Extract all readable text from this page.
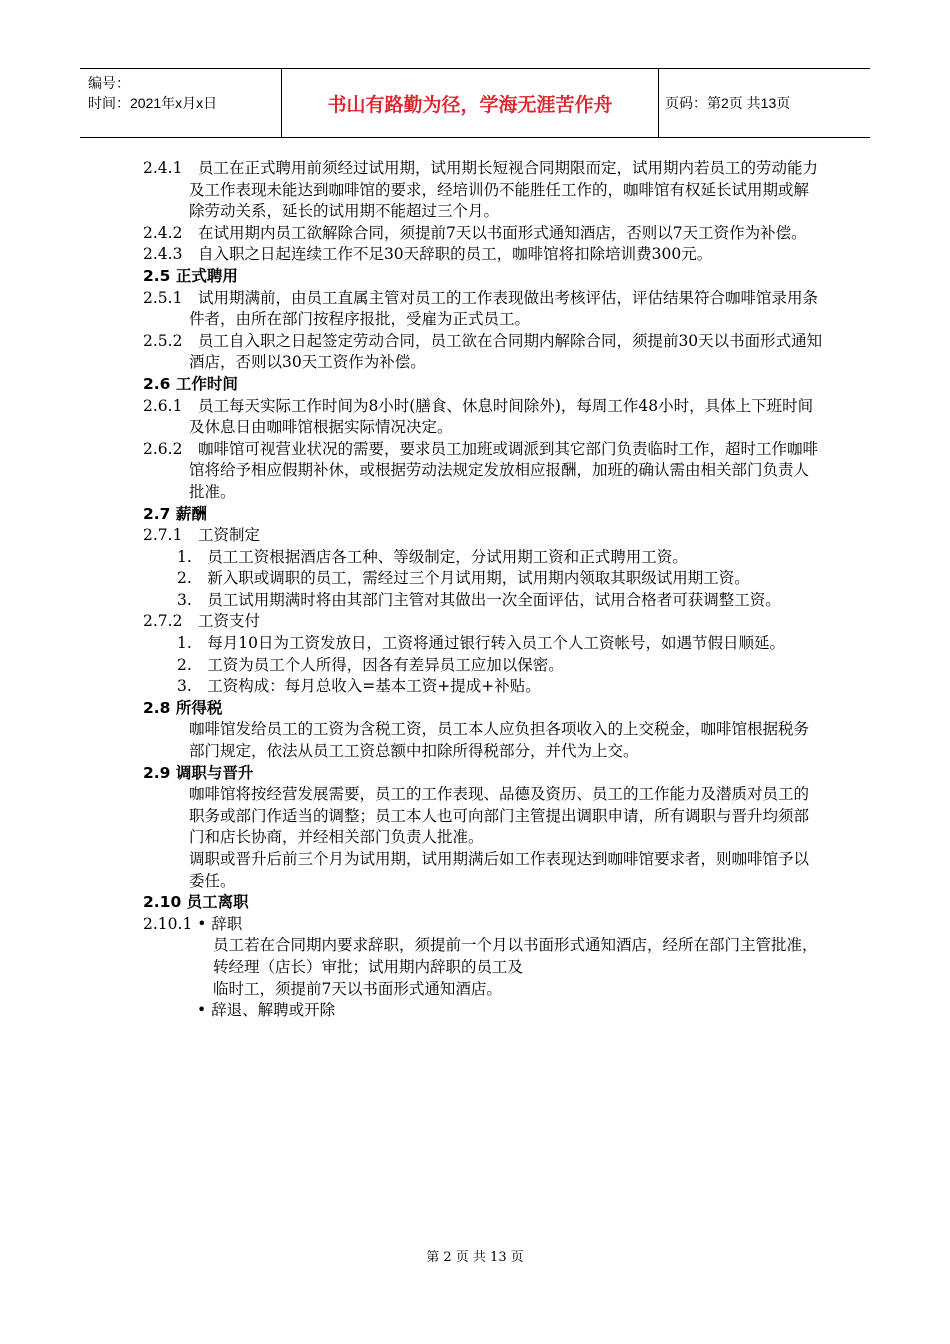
编号：
时间：2021年x月x日	书山有路勤为径，学海无涯苦作舟	页码：第2页 共13页

2.4.1　员工在正式聘用前须经过试用期，试用期长短视合同期限而定，试用期内若员工的劳动能力及工作表现未能达到咖啡馆的要求，经培训仍不能胜任工作的，咖啡馆有权延长试用期或解除劳动关系，延长的试用期不能超过三个月。

2.4.2　在试用期内员工欲解除合同，须提前7天以书面形式通知酒店，否则以7天工资作为补偿。

2.4.3　自入职之日起连续工作不足30天辞职的员工，咖啡馆将扣除培训费300元。

2.5 正式聘用

2.5.1　试用期满前，由员工直属主管对员工的工作表现做出考核评估，评估结果符合咖啡馆录用条件者，由所在部门按程序报批，受雇为正式员工。

2.5.2　员工自入职之日起签定劳动合同，员工欲在合同期内解除合同，须提前30天以书面形式通知酒店，否则以30天工资作为补偿。

2.6 工作时间

2.6.1　员工每天实际工作时间为8小时(膳食、休息时间除外)，每周工作48小时，具体上下班时间及休息日由咖啡馆根据实际情况决定。

2.6.2　咖啡馆可视营业状况的需要，要求员工加班或调派到其它部门负责临时工作，超时工作咖啡馆将给予相应假期补休，或根据劳动法规定发放相应报酬，加班的确认需由相关部门负责人批准。

2.7 薪酬

2.7.1　工资制定

1.　员工工资根据酒店各工种、等级制定，分试用期工资和正式聘用工资。

2.　新入职或调职的员工，需经过三个月试用期，试用期内领取其职级试用期工资。

3.　员工试用期满时将由其部门主管对其做出一次全面评估，试用合格者可获调整工资。

2.7.2　工资支付

1.　每月10日为工资发放日，工资将通过银行转入员工个人工资帐号，如遇节假日顺延。

2.　工资为员工个人所得，因各有差异员工应加以保密。

3.　工资构成：每月总收入=基本工资+提成+补贴。

2.8 所得税

咖啡馆发给员工的工资为含税工资，员工本人应负担各项收入的上交税金，咖啡馆根据税务部门规定，依法从员工工资总额中扣除所得税部分，并代为上交。

2.9 调职与晋升

咖啡馆将按经营发展需要，员工的工作表现、品德及资历、员工的工作能力及潜质对员工的职务或部门作适当的调整；员工本人也可向部门主管提出调职申请，所有调职与晋升均须部门和店长协商，并经相关部门负责人批准。

调职或晋升后前三个月为试用期，试用期满后如工作表现达到咖啡馆要求者，则咖啡馆予以委任。

2.10 员工离职

2.10.1 • 辞职

员工若在合同期内要求辞职，须提前一个月以书面形式通知酒店，经所在部门主管批准，转经理（店长）审批；试用期内辞职的员工及

临时工，须提前7天以书面形式通知酒店。

• 辞退、解聘或开除

第 2 页 共 13 页
